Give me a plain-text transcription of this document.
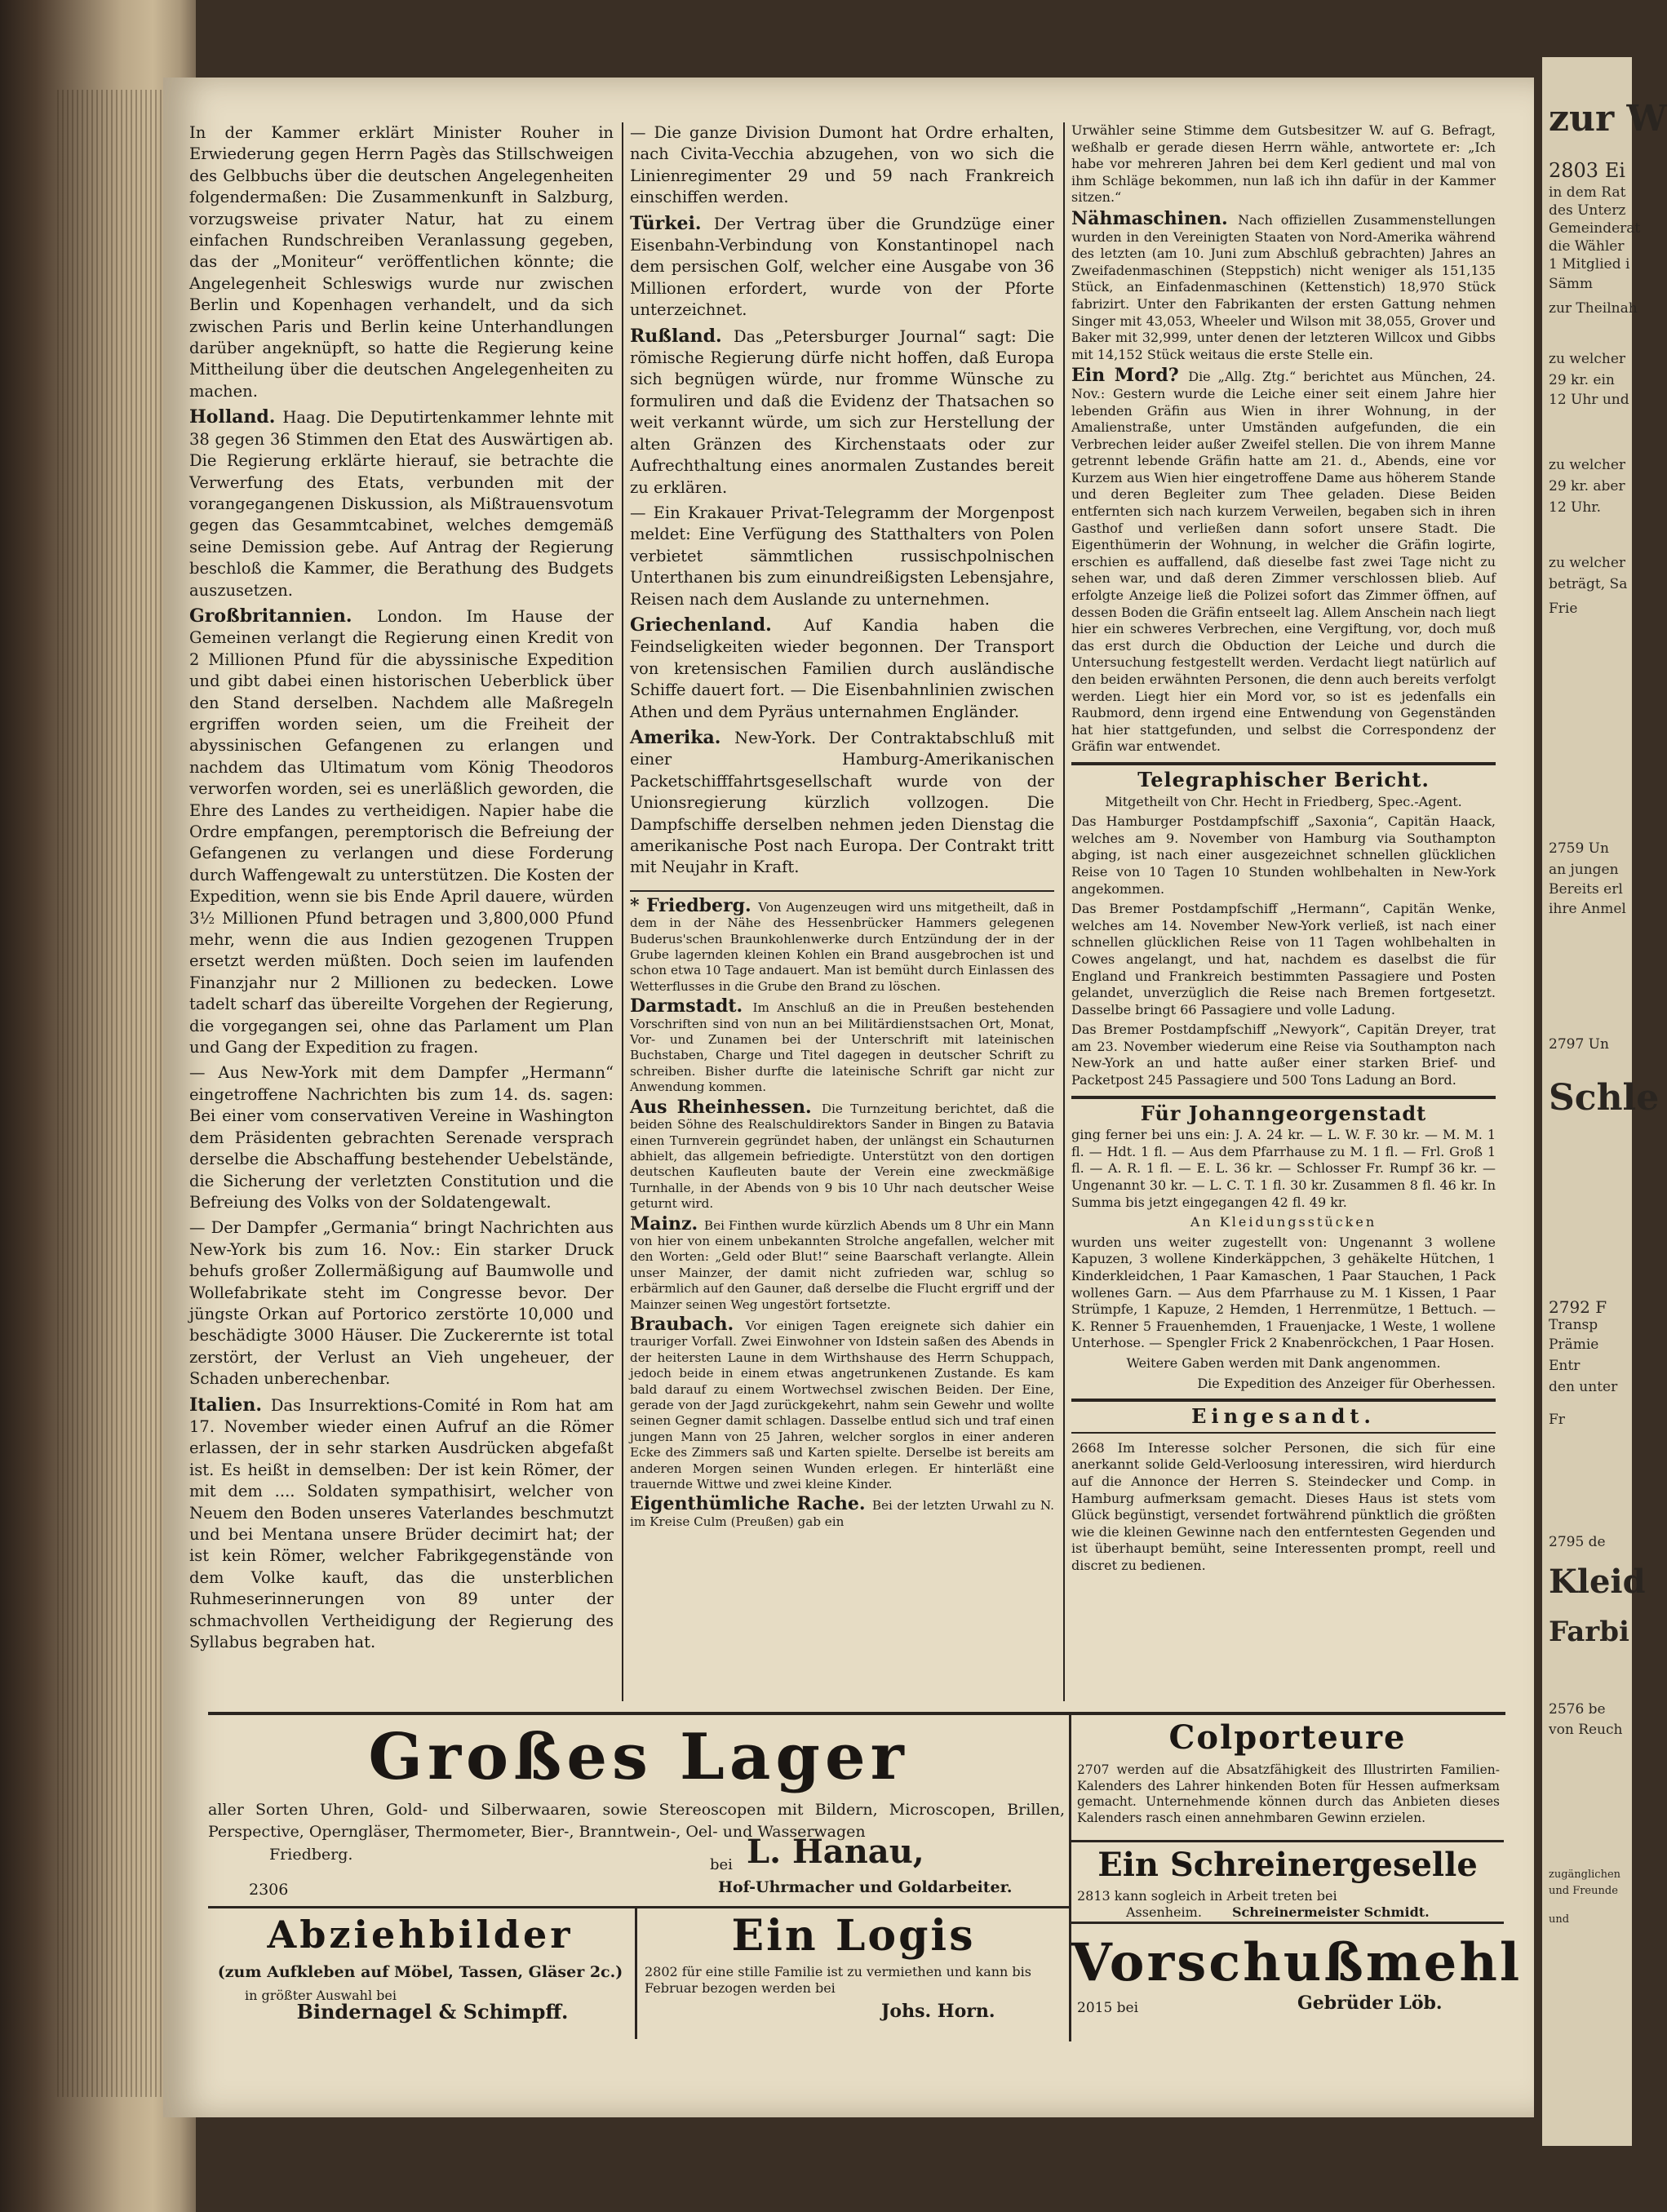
zur W
2803 Ei
in dem Rat
des Unterz
Gemeinderat
die Wähler
1 Mitglied i
Sämm
zur Theilnah
zu welcher
29 kr. ein
12 Uhr und
zu welcher
29 kr. aber
12 Uhr.
zu welcher
beträgt, Sa
Frie
2759 Un
an jungen
Bereits erl
ihre Anmel
2797 Un
Schle
2792 F
Transp
Prämie
Entr
den unter
Fr
2795 de
Kleid
Farbi
2576 be
von Reuch
zugänglichen
und Freunde
und

In der Kammer erklärt Minister Rouher in Erwiederung gegen Herrn Pagès das Stillschweigen des Gelbbuchs über die deutschen Angelegenheiten folgendermaßen: Die Zusammenkunft in Salzburg, vorzugsweise privater Natur, hat zu einem einfachen Rundschreiben Veranlassung gegeben, das der „Moniteur“ veröffentlichen könnte; die Angelegenheit Schleswigs wurde nur zwischen Berlin und Kopenhagen verhandelt, und da sich zwischen Paris und Berlin keine Unterhandlungen darüber angeknüpft, so hatte die Regierung keine Mittheilung über die deutschen Angelegenheiten zu machen.

Holland. Haag. Die Deputirtenkammer lehnte mit 38 gegen 36 Stimmen den Etat des Auswärtigen ab. Die Regierung erklärte hierauf, sie betrachte die Verwerfung des Etats, verbunden mit der vorangegangenen Diskussion, als Mißtrauensvotum gegen das Gesammtcabinet, welches demgemäß seine Demission gebe. Auf Antrag der Regierung beschloß die Kammer, die Berathung des Budgets auszusetzen.

Großbritannien. London. Im Hause der Gemeinen verlangt die Regierung einen Kredit von 2 Millionen Pfund für die abyssinische Expedition und gibt dabei einen historischen Ueberblick über den Stand derselben. Nachdem alle Maßregeln ergriffen worden seien, um die Freiheit der abyssinischen Gefangenen zu erlangen und nachdem das Ultimatum vom König Theodoros verworfen worden, sei es unerläßlich geworden, die Ehre des Landes zu vertheidigen. Napier habe die Ordre empfangen, peremptorisch die Befreiung der Gefangenen zu verlangen und diese Forderung durch Waffengewalt zu unterstützen. Die Kosten der Expedition, wenn sie bis Ende April dauere, würden 3½ Millionen Pfund betragen und 3,800,000 Pfund mehr, wenn die aus Indien gezogenen Truppen ersetzt werden müßten. Doch seien im laufenden Finanzjahr nur 2 Millionen zu bedecken. Lowe tadelt scharf das übereilte Vorgehen der Regierung, die vorgegangen sei, ohne das Parlament um Plan und Gang der Expedition zu fragen.

— Aus New-York mit dem Dampfer „Hermann“ eingetroffene Nachrichten bis zum 14. ds. sagen: Bei einer vom conservativen Vereine in Washington dem Präsidenten gebrachten Serenade versprach derselbe die Abschaffung bestehender Uebelstände, die Sicherung der verletzten Constitution und die Befreiung des Volks von der Soldatengewalt.

— Der Dampfer „Germania“ bringt Nachrichten aus New-York bis zum 16. Nov.: Ein starker Druck behufs großer Zollermäßigung auf Baumwolle und Wollefabrikate steht im Congresse bevor. Der jüngste Orkan auf Portorico zerstörte 10,000 und beschädigte 3000 Häuser. Die Zuckerernte ist total zerstört, der Verlust an Vieh ungeheuer, der Schaden unberechenbar.

Italien. Das Insurrektions-Comité in Rom hat am 17. November wieder einen Aufruf an die Römer erlassen, der in sehr starken Ausdrücken abgefaßt ist. Es heißt in demselben: Der ist kein Römer, der mit dem .... Soldaten sympathisirt, welcher von Neuem den Boden unseres Vaterlandes beschmutzt und bei Mentana unsere Brüder decimirt hat; der ist kein Römer, welcher Fabrikgegenstände von dem Volke kauft, das die unsterblichen Ruhmeserinnerungen von 89 unter der schmachvollen Vertheidigung der Regierung des Syllabus begraben hat.

— Die ganze Division Dumont hat Ordre erhalten, nach Civita-Vecchia abzugehen, von wo sich die Linienregimenter 29 und 59 nach Frankreich einschiffen werden.

Türkei. Der Vertrag über die Grundzüge einer Eisenbahn-Verbindung von Konstantinopel nach dem persischen Golf, welcher eine Ausgabe von 36 Millionen erfordert, wurde von der Pforte unterzeichnet.

Rußland. Das „Petersburger Journal“ sagt: Die römische Regierung dürfe nicht hoffen, daß Europa sich begnügen würde, nur fromme Wünsche zu formuliren und daß die Evidenz der Thatsachen so weit verkannt würde, um sich zur Herstellung der alten Gränzen des Kirchenstaats oder zur Aufrechthaltung eines anormalen Zustandes bereit zu erklären.

— Ein Krakauer Privat-Telegramm der Morgenpost meldet: Eine Verfügung des Statthalters von Polen verbietet sämmtlichen russischpolnischen Unterthanen bis zum einundreißigsten Lebensjahre, Reisen nach dem Auslande zu unternehmen.

Griechenland. Auf Kandia haben die Feindseligkeiten wieder begonnen. Der Transport von kretensischen Familien durch ausländische Schiffe dauert fort. — Die Eisenbahnlinien zwischen Athen und dem Pyräus unternahmen Engländer.

Amerika. New-York. Der Contraktabschluß mit einer Hamburg-Amerikanischen Packetschifffahrtsgesellschaft wurde von der Unionsregierung kürzlich vollzogen. Die Dampfschiffe derselben nehmen jeden Dienstag die amerikanische Post nach Europa. Der Contrakt tritt mit Neujahr in Kraft.

* Friedberg. Von Augenzeugen wird uns mitgetheilt, daß in dem in der Nähe des Hessenbrücker Hammers gelegenen Buderus'schen Braunkohlenwerke durch Entzündung der in der Grube lagernden kleinen Kohlen ein Brand ausgebrochen ist und schon etwa 10 Tage andauert. Man ist bemüht durch Einlassen des Wetterflusses in die Grube den Brand zu löschen.

Darmstadt. Im Anschluß an die in Preußen bestehenden Vorschriften sind von nun an bei Militärdienstsachen Ort, Monat, Vor- und Zunamen bei der Unterschrift mit lateinischen Buchstaben, Charge und Titel dagegen in deutscher Schrift zu schreiben. Bisher durfte die lateinische Schrift gar nicht zur Anwendung kommen.

Aus Rheinhessen. Die Turnzeitung berichtet, daß die beiden Söhne des Realschuldirektors Sander in Bingen zu Batavia einen Turnverein gegründet haben, der unlängst ein Schauturnen abhielt, das allgemein befriedigte. Unterstützt von den dortigen deutschen Kaufleuten baute der Verein eine zweckmäßige Turnhalle, in der Abends von 9 bis 10 Uhr nach deutscher Weise geturnt wird.

Mainz. Bei Finthen wurde kürzlich Abends um 8 Uhr ein Mann von hier von einem unbekannten Strolche angefallen, welcher mit den Worten: „Geld oder Blut!“ seine Baarschaft verlangte. Allein unser Mainzer, der damit nicht zufrieden war, schlug so erbärmlich auf den Gauner, daß derselbe die Flucht ergriff und der Mainzer seinen Weg ungestört fortsetzte.

Braubach. Vor einigen Tagen ereignete sich dahier ein trauriger Vorfall. Zwei Einwohner von Idstein saßen des Abends in der heitersten Laune in dem Wirthshause des Herrn Schuppach, jedoch beide in einem etwas angetrunkenen Zustande. Es kam bald darauf zu einem Wortwechsel zwischen Beiden. Der Eine, gerade von der Jagd zurückgekehrt, nahm sein Gewehr und wollte seinen Gegner damit schlagen. Dasselbe entlud sich und traf einen jungen Mann von 25 Jahren, welcher sorglos in einer anderen Ecke des Zimmers saß und Karten spielte. Derselbe ist bereits am anderen Morgen seinen Wunden erlegen. Er hinterläßt eine trauernde Wittwe und zwei kleine Kinder.

Eigenthümliche Rache. Bei der letzten Urwahl zu N. im Kreise Culm (Preußen) gab ein

Urwähler seine Stimme dem Gutsbesitzer W. auf G. Befragt, weßhalb er gerade diesen Herrn wähle, antwortete er: „Ich habe vor mehreren Jahren bei dem Kerl gedient und mal von ihm Schläge bekommen, nun laß ich ihn dafür in der Kammer sitzen.“

Nähmaschinen. Nach offiziellen Zusammenstellungen wurden in den Vereinigten Staaten von Nord-Amerika während des letzten (am 10. Juni zum Abschluß gebrachten) Jahres an Zweifadenmaschinen (Steppstich) nicht weniger als 151,135 Stück, an Einfadenmaschinen (Kettenstich) 18,970 Stück fabrizirt. Unter den Fabrikanten der ersten Gattung nehmen Singer mit 43,053, Wheeler und Wilson mit 38,055, Grover und Baker mit 32,999, unter denen der letzteren Willcox und Gibbs mit 14,152 Stück weitaus die erste Stelle ein.

Ein Mord? Die „Allg. Ztg.“ berichtet aus München, 24. Nov.: Gestern wurde die Leiche einer seit einem Jahre hier lebenden Gräfin aus Wien in ihrer Wohnung, in der Amalienstraße, unter Umständen aufgefunden, die ein Verbrechen leider außer Zweifel stellen. Die von ihrem Manne getrennt lebende Gräfin hatte am 21. d., Abends, eine vor Kurzem aus Wien hier eingetroffene Dame aus höherem Stande und deren Begleiter zum Thee geladen. Diese Beiden entfernten sich nach kurzem Verweilen, begaben sich in ihren Gasthof und verließen dann sofort unsere Stadt. Die Eigenthümerin der Wohnung, in welcher die Gräfin logirte, erschien es auffallend, daß dieselbe fast zwei Tage nicht zu sehen war, und daß deren Zimmer verschlossen blieb. Auf erfolgte Anzeige ließ die Polizei sofort das Zimmer öffnen, auf dessen Boden die Gräfin entseelt lag. Allem Anschein nach liegt hier ein schweres Verbrechen, eine Vergiftung, vor, doch muß das erst durch die Obduction der Leiche und durch die Untersuchung festgestellt werden. Verdacht liegt natürlich auf den beiden erwähnten Personen, die denn auch bereits verfolgt werden. Liegt hier ein Mord vor, so ist es jedenfalls ein Raubmord, denn irgend eine Entwendung von Gegenständen hat hier stattgefunden, und selbst die Correspondenz der Gräfin war entwendet.

Telegraphischer Bericht.
Mitgetheilt von Chr. Hecht in Friedberg, Spec.-Agent.

Das Hamburger Postdampfschiff „Saxonia“, Capitän Haack, welches am 9. November von Hamburg via Southampton abging, ist nach einer ausgezeichnet schnellen glücklichen Reise von 10 Tagen 10 Stunden wohlbehalten in New-York angekommen.

Das Bremer Postdampfschiff „Hermann“, Capitän Wenke, welches am 14. November New-York verließ, ist nach einer schnellen glücklichen Reise von 11 Tagen wohlbehalten in Cowes angelangt, und hat, nachdem es daselbst die für England und Frankreich bestimmten Passagiere und Posten gelandet, unverzüglich die Reise nach Bremen fortgesetzt. Dasselbe bringt 66 Passagiere und volle Ladung.

Das Bremer Postdampfschiff „Newyork“, Capitän Dreyer, trat am 23. November wiederum eine Reise via Southampton nach New-York an und hatte außer einer starken Brief- und Packetpost 245 Passagiere und 500 Tons Ladung an Bord.

Für Johanngeorgenstadt

ging ferner bei uns ein: J. A. 24 kr. — L. W. F. 30 kr. — M. M. 1 fl. — Hdt. 1 fl. — Aus dem Pfarrhause zu M. 1 fl. — Frl. Groß 1 fl. — A. R. 1 fl. — E. L. 36 kr. — Schlosser Fr. Rumpf 36 kr. — Ungenannt 30 kr. — L. C. T. 1 fl. 30 kr. Zusammen 8 fl. 46 kr. In Summa bis jetzt eingegangen 42 fl. 49 kr.

An Kleidungsstücken

wurden uns weiter zugestellt von: Ungenannt 3 wollene Kapuzen, 3 wollene Kinderkäppchen, 3 gehäkelte Hütchen, 1 Kinderkleidchen, 1 Paar Kamaschen, 1 Paar Stauchen, 1 Pack wollenes Garn. — Aus dem Pfarrhause zu M. 1 Kissen, 1 Paar Strümpfe, 1 Kapuze, 2 Hemden, 1 Herrenmütze, 1 Bettuch. — K. Renner 5 Frauenhemden, 1 Frauenjacke, 1 Weste, 1 wollene Unterhose. — Spengler Frick 2 Knabenröckchen, 1 Paar Hosen.

Weitere Gaben werden mit Dank angenommen.

Die Expedition des Anzeiger für Oberhessen.

Eingesandt.

2668 Im Interesse solcher Personen, die sich für eine anerkannt solide Geld-Verloosung interessiren, wird hierdurch auf die Annonce der Herren S. Steindecker und Comp. in Hamburg aufmerksam gemacht. Dieses Haus ist stets vom Glück begünstigt, versendet fortwährend pünktlich die größten wie die kleinen Gewinne nach den entferntesten Gegenden und ist überhaupt bemüht, seine Interessenten prompt, reell und discret zu bedienen.

Großes Lager
aller Sorten Uhren, Gold- und Silberwaaren, sowie Stereoscopen mit Bildern, Microscopen, Brillen, Perspective, Operngläser, Thermometer, Bier-, Branntwein-, Oel- und Wasserwagen
Friedberg.
bei L. Hanau,
2306	Hof-Uhrmacher und Goldarbeiter.
Colporteure
2707 werden auf die Absatzfähigkeit des Illustrirten Familien-Kalenders des Lahrer hinkenden Boten für Hessen aufmerksam gemacht. Unternehmende können durch das Anbieten dieses Kalenders rasch einen annehmbaren Gewinn erzielen.
Ein Schreinergeselle
2813 kann sogleich in Arbeit treten bei
Assenheim. Schreinermeister Schmidt.
Vorschußmehl
2015 bei	Gebrüder Löb.
Abziehbilder
(zum Aufkleben auf Möbel, Tassen, Gläser 2c.)
in größter Auswahl bei
Bindernagel & Schimpff.
Ein Logis
2802 für eine stille Familie ist zu vermiethen und kann bis Februar bezogen werden bei
Johs. Horn.
